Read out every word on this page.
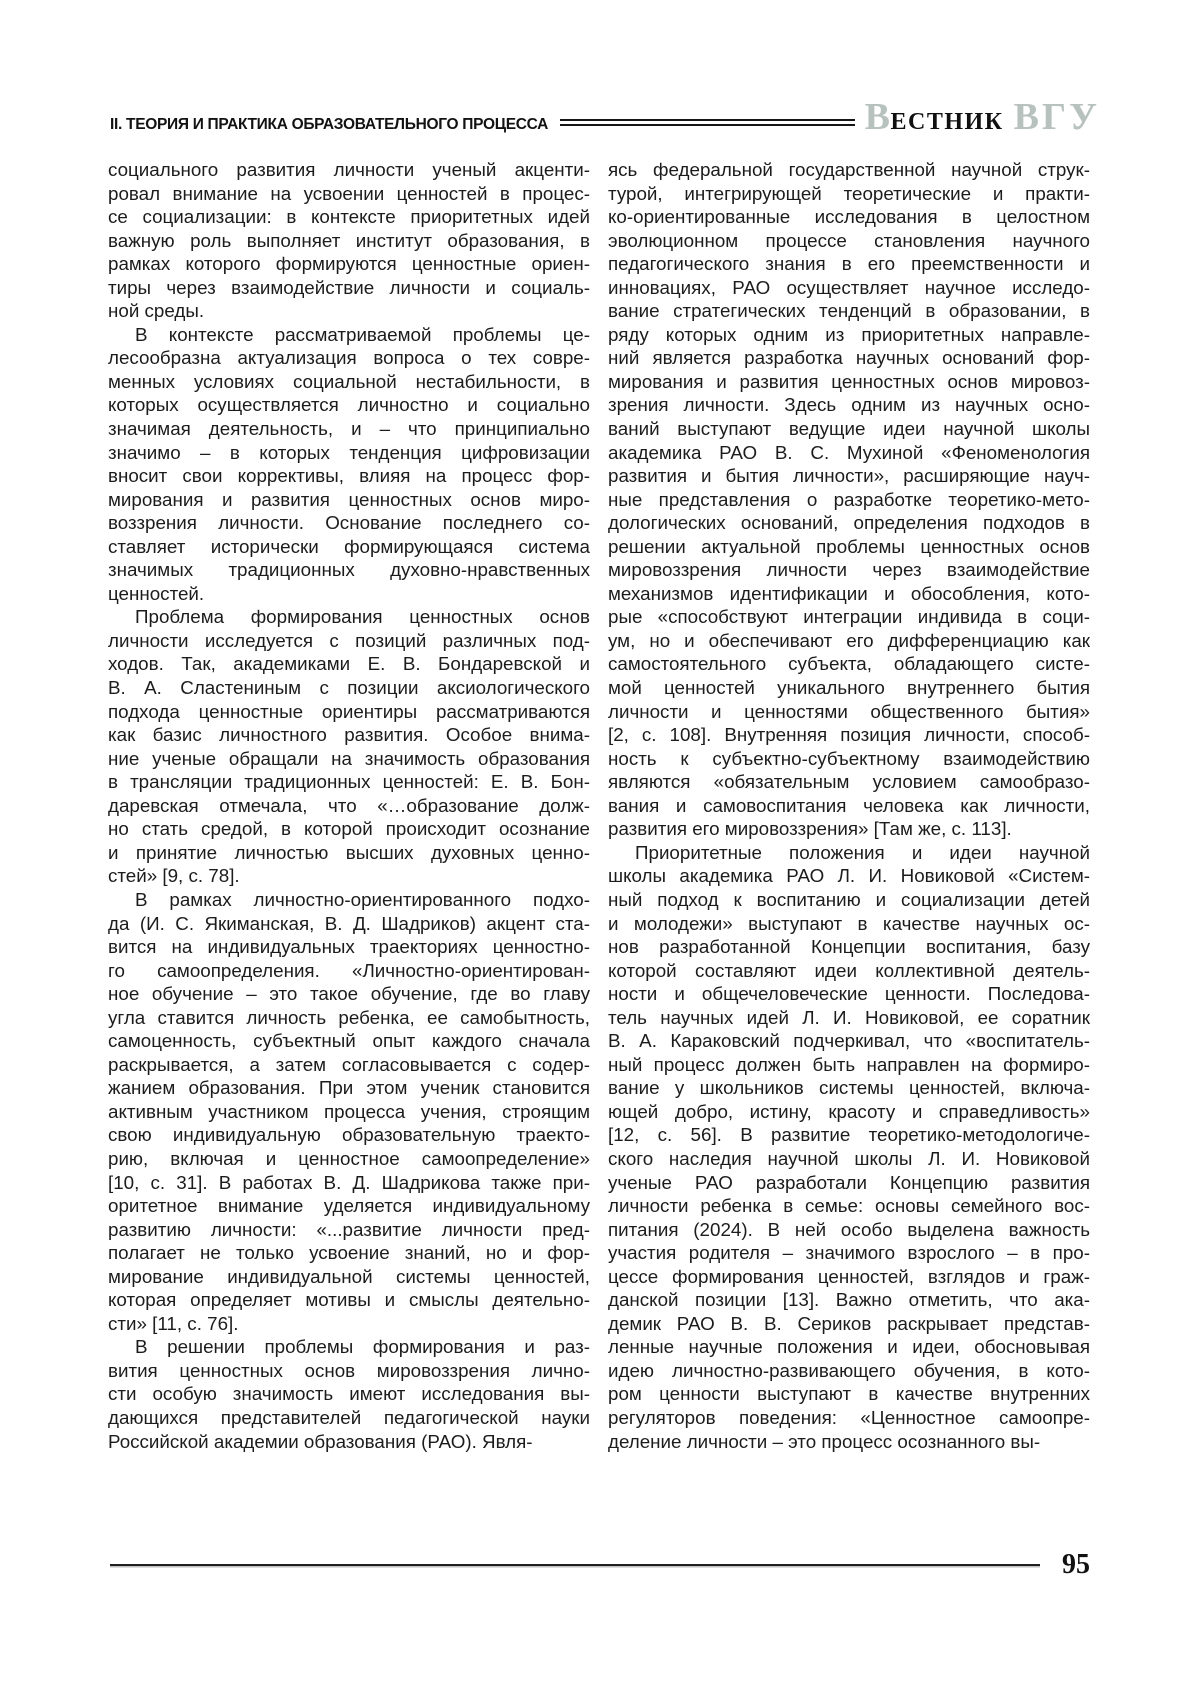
II. ТЕОРИЯ И ПРАКТИКА ОБРАЗОВАТЕЛЬНОГО ПРОЦЕССА	ВЕСТНИК ВГУ
социального развития личности ученый акценти-
ровал внимание на усвоении ценностей в процес-
се социализации: в контексте приоритетных идей
важную роль выполняет институт образования, в
рамках которого формируются ценностные ориен-
тиры через взаимодействие личности и социаль-
ной среды.
В контексте рассматриваемой проблемы це-
лесообразна актуализация вопроса о тех совре-
менных условиях социальной нестабильности, в
которых осуществляется личностно и социально
значимая деятельность, и – что принципиально
значимо – в которых тенденция цифровизации
вносит свои коррективы, влияя на процесс фор-
мирования и развития ценностных основ миро-
воззрения личности. Основание последнего со-
ставляет исторически формирующаяся система
значимых традиционных духовно-нравственных
ценностей.
Проблема формирования ценностных основ
личности исследуется с позиций различных под-
ходов. Так, академиками Е. В. Бондаревской и
В. А. Сластениным с позиции аксиологического
подхода ценностные ориентиры рассматриваются
как базис личностного развития. Особое внима-
ние ученые обращали на значимость образования
в трансляции традиционных ценностей: Е. В. Бон-
даревская отмечала, что «…образование долж-
но стать средой, в которой происходит осознание
и принятие личностью высших духовных ценно-
стей» [9, с. 78].
В рамках личностно-ориентированного подхо-
да (И. С. Якиманская, В. Д. Шадриков) акцент ста-
вится на индивидуальных траекториях ценностно-
го самоопределения. «Личностно-ориентирован-
ное обучение – это такое обучение, где во главу
угла ставится личность ребенка, ее самобытность,
самоценность, субъектный опыт каждого сначала
раскрывается, а затем согласовывается с содер-
жанием образования. При этом ученик становится
активным участником процесса учения, строящим
свою индивидуальную образовательную траекто-
рию, включая и ценностное самоопределение»
[10, с. 31]. В работах В. Д. Шадрикова также при-
оритетное внимание уделяется индивидуальному
развитию личности: «...развитие личности пред-
полагает не только усвоение знаний, но и фор-
мирование индивидуальной системы ценностей,
которая определяет мотивы и смыслы деятельно-
сти» [11, с. 76].
В решении проблемы формирования и раз-
вития ценностных основ мировоззрения лично-
сти особую значимость имеют исследования вы-
дающихся представителей педагогической науки
Российской академии образования (РАО). Явля-
ясь федеральной государственной научной струк-
турой, интегрирующей теоретические и практи-
ко-ориентированные исследования в целостном
эволюционном процессе становления научного
педагогического знания в его преемственности и
инновациях, РАО осуществляет научное исследо-
вание стратегических тенденций в образовании, в
ряду которых одним из приоритетных направле-
ний является разработка научных оснований фор-
мирования и развития ценностных основ мировоз-
зрения личности. Здесь одним из научных осно-
ваний выступают ведущие идеи научной школы
академика РАО В. С. Мухиной «Феноменология
развития и бытия личности», расширяющие науч-
ные представления о разработке теоретико-мето-
дологических оснований, определения подходов в
решении актуальной проблемы ценностных основ
мировоззрения личности через взаимодействие
механизмов идентификации и обособления, кото-
рые «способствуют интеграции индивида в соци-
ум, но и обеспечивают его дифференциацию как
самостоятельного субъекта, обладающего систе-
мой ценностей уникального внутреннего бытия
личности и ценностями общественного бытия»
[2, с. 108]. Внутренняя позиция личности, способ-
ность к субъектно-субъектному взаимодействию
являются «обязательным условием самообразо-
вания и самовоспитания человека как личности,
развития его мировоззрения» [Там же, с. 113].
Приоритетные положения и идеи научной
школы академика РАО Л. И. Новиковой «Систем-
ный подход к воспитанию и социализации детей
и молодежи» выступают в качестве научных ос-
нов разработанной Концепции воспитания, базу
которой составляют идеи коллективной деятель-
ности и общечеловеческие ценности. Последова-
тель научных идей Л. И. Новиковой, ее соратник
В. А. Караковский подчеркивал, что «воспитатель-
ный процесс должен быть направлен на формиро-
вание у школьников системы ценностей, включа-
ющей добро, истину, красоту и справедливость»
[12, с. 56]. В развитие теоретико-методологиче-
ского наследия научной школы Л. И. Новиковой
ученые РАО разработали Концепцию развития
личности ребенка в семье: основы семейного вос-
питания (2024). В ней особо выделена важность
участия родителя – значимого взрослого – в про-
цессе формирования ценностей, взглядов и граж-
данской позиции [13]. Важно отметить, что ака-
демик РАО В. В. Сериков раскрывает представ-
ленные научные положения и идеи, обосновывая
идею личностно-развивающего обучения, в кото-
ром ценности выступают в качестве внутренних
регуляторов поведения: «Ценностное самоопре-
деление личности – это процесс осознанного вы-
95
